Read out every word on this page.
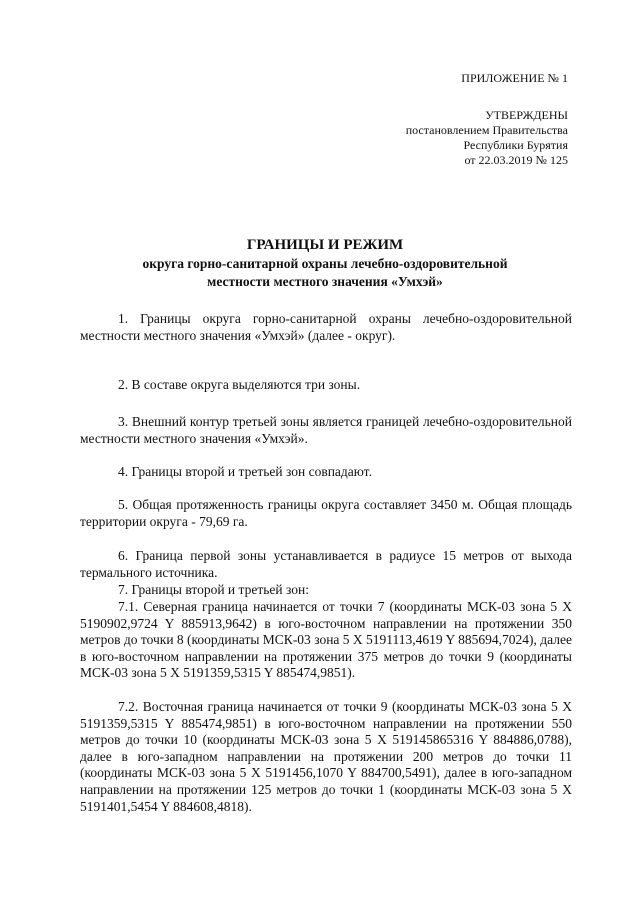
ПРИЛОЖЕНИЕ № 1
УТВЕРЖДЕНЫ
постановлением Правительства
Республики Бурятия
от 22.03.2019 № 125
ГРАНИЦЫ И РЕЖИМ
округа горно-санитарной охраны лечебно-оздоровительной
местности местного значения «Умхэй»

1. Границы округа горно-санитарной охраны лечебно-оздоровительной местности местного значения «Умхэй» (далее - округ).

2. В составе округа выделяются три зоны.

3. Внешний контур третьей зоны является границей лечебно-оздоровительной местности местного значения «Умхэй».

4. Границы второй и третьей зон совпадают.

5. Общая протяженность границы округа составляет 3450 м. Общая площадь территории округа - 79,69 га.

6. Граница первой зоны устанавливается в радиусе 15 метров от выхода термального источника.

7. Границы второй и третьей зон:

7.1. Северная граница начинается от точки 7 (координаты МСК-03 зона 5 X 5190902,9724 Y 885913,9642) в юго-восточном направлении на протяжении 350 метров до точки 8 (координаты МСК-03 зона 5 X 5191113,4619 Y 885694,7024), далее в юго-восточном направлении на протяжении 375 метров до точки 9 (координаты МСК-03 зона 5 X 5191359,5315 Y 885474,9851).

7.2. Восточная граница начинается от точки 9 (координаты МСК-03 зона 5 X 5191359,5315 Y 885474,9851) в юго-восточном направлении на протяжении 550 метров до точки 10 (координаты МСК-03 зона 5 X 519145865316 Y 884886,0788), далее в юго-западном направлении на протяжении 200 метров до точки 11 (координаты МСК-03 зона 5 X 5191456,1070 Y 884700,5491), далее в юго-западном направлении на протяжении 125 метров до точки 1 (координаты МСК-03 зона 5 X 5191401,5454 Y 884608,4818).
